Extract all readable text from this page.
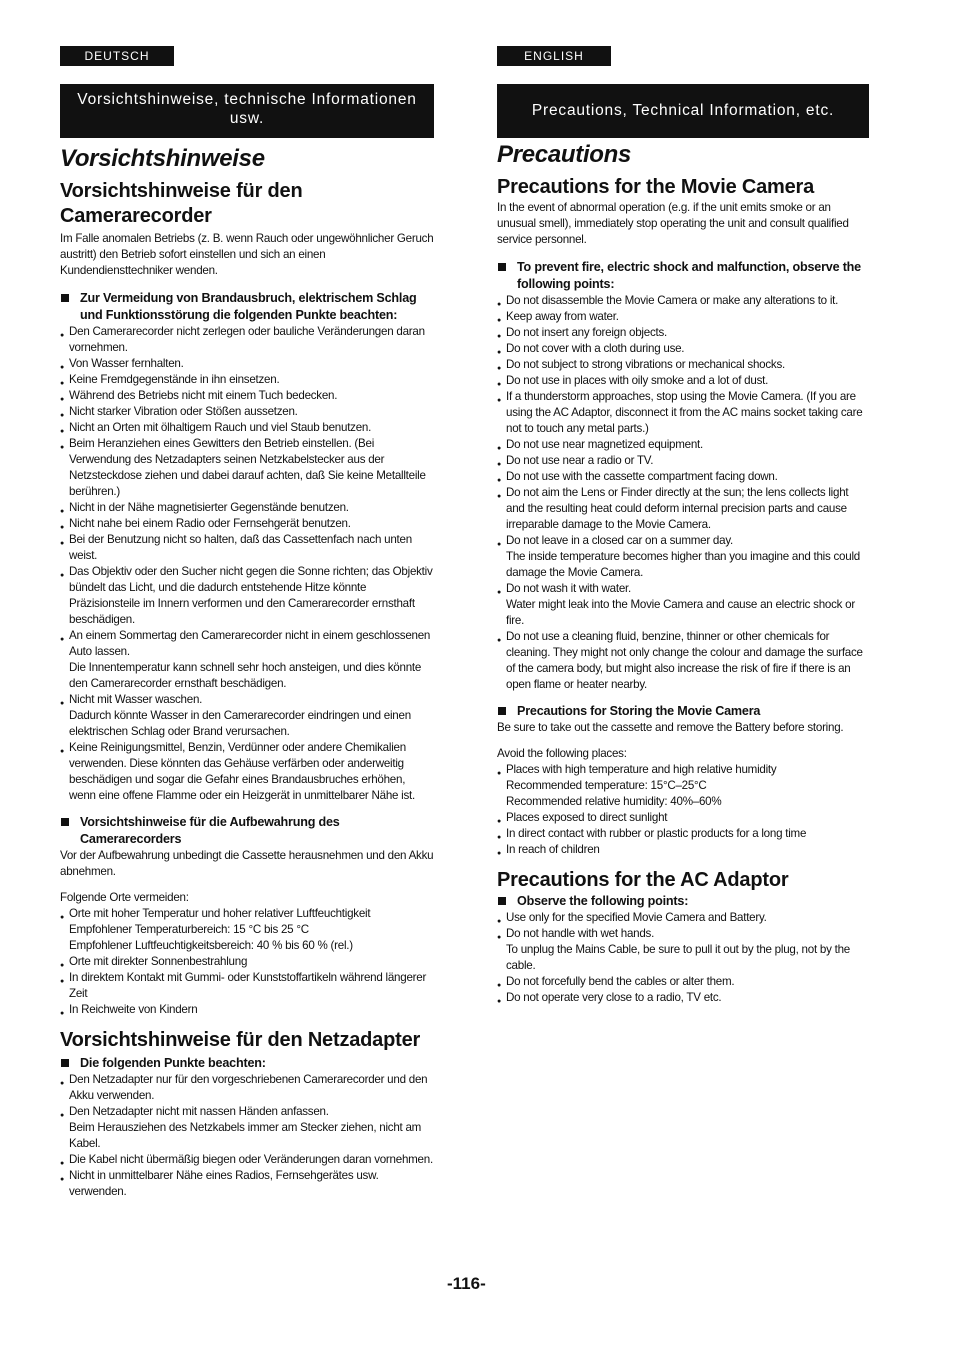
DEUTSCH
Vorsichtshinweise, technische Informationen usw.
Vorsichtshinweise
Vorsichtshinweise für den Camerarecorder

Im Falle anomalen Betriebs (z. B. wenn Rauch oder ungewöhnlicher Geruch austritt) den Betrieb sofort einstellen und sich an einen Kundendiensttechniker wenden.

Zur Vermeidung von Brandausbruch, elektrischem Schlag und Funktionsstörung die folgenden Punkte beachten:
● Den Camerarecorder nicht zerlegen oder bauliche Veränderungen daran vornehmen.
● Von Wasser fernhalten.
● Keine Fremdgegenstände in ihn einsetzen.
● Während des Betriebs nicht mit einem Tuch bedecken.
● Nicht starker Vibration oder Stößen aussetzen.
● Nicht an Orten mit ölhaltigem Rauch und viel Staub benutzen.
● Beim Heranziehen eines Gewitters den Betrieb einstellen. (Bei Verwendung des Netzadapters seinen Netzkabelstecker aus der Netzsteckdose ziehen und dabei darauf achten, daß Sie keine Metallteile berühren.)
● Nicht in der Nähe magnetisierter Gegenstände benutzen.
● Nicht nahe bei einem Radio oder Fernsehgerät benutzen.
● Bei der Benutzung nicht so halten, daß das Cassettenfach nach unten weist.
● Das Objektiv oder den Sucher nicht gegen die Sonne richten; das Objektiv bündelt das Licht, und die dadurch entstehende Hitze könnte Präzisionsteile im Innern verformen und den Camerarecorder ernsthaft beschädigen.
● An einem Sommertag den Camerarecorder nicht in einem geschlossenen Auto lassen.
Die Innentemperatur kann schnell sehr hoch ansteigen, und dies könnte den Camerarecorder ernsthaft beschädigen.
● Nicht mit Wasser waschen.
Dadurch könnte Wasser in den Camerarecorder eindringen und einen elektrischen Schlag oder Brand verursachen.
● Keine Reinigungsmittel, Benzin, Verdünner oder andere Chemikalien verwenden. Diese könnten das Gehäuse verfärben oder anderweitig beschädigen und sogar die Gefahr eines Brandausbruches erhöhen, wenn eine offene Flamme oder ein Heizgerät in unmittelbarer Nähe ist.
Vorsichtshinweise für die Aufbewahrung des Camerarecorders

Vor der Aufbewahrung unbedingt die Cassette herausnehmen und den Akku abnehmen.

Folgende Orte vermeiden:

● Orte mit hoher Temperatur und hoher relativer Luftfeuchtigkeit
Empfohlener Temperaturbereich: 15 °C bis 25 °C
Empfohlener Luftfeuchtigkeitsbereich: 40 % bis 60 % (rel.)
● Orte mit direkter Sonnenbestrahlung
● In direktem Kontakt mit Gummi- oder Kunststoffartikeln während längerer Zeit
● In Reichweite von Kindern
Vorsichtshinweise für den Netzadapter
Die folgenden Punkte beachten:
● Den Netzadapter nur für den vorgeschriebenen Camerarecorder und den Akku verwenden.
● Den Netzadapter nicht mit nassen Händen anfassen.
Beim Herausziehen des Netzkabels immer am Stecker ziehen, nicht am Kabel.
● Die Kabel nicht übermäßig biegen oder Veränderungen daran vornehmen.
● Nicht in unmittelbarer Nähe eines Radios, Fernsehgerätes usw. verwenden.
ENGLISH
Precautions, Technical Information, etc.
Precautions
Precautions for the Movie Camera

In the event of abnormal operation (e.g. if the unit emits smoke or an unusual smell), immediately stop operating the unit and consult qualified service personnel.

To prevent fire, electric shock and malfunction, observe the following points:
● Do not disassemble the Movie Camera or make any alterations to it.
● Keep away from water.
● Do not insert any foreign objects.
● Do not cover with a cloth during use.
● Do not subject to strong vibrations or mechanical shocks.
● Do not use in places with oily smoke and a lot of dust.
● If a thunderstorm approaches, stop using the Movie Camera. (If you are using the AC Adaptor, disconnect it from the AC mains socket taking care not to touch any metal parts.)
● Do not use near magnetized equipment.
● Do not use near a radio or TV.
● Do not use with the cassette compartment facing down.
● Do not aim the Lens or Finder directly at the sun; the lens collects light and the resulting heat could deform internal precision parts and cause irreparable damage to the Movie Camera.
● Do not leave in a closed car on a summer day.
The inside temperature becomes higher than you imagine and this could damage the Movie Camera.
● Do not wash it with water.
Water might leak into the Movie Camera and cause an electric shock or fire.
● Do not use a cleaning fluid, benzine, thinner or other chemicals for cleaning. They might not only change the colour and damage the surface of the camera body, but might also increase the risk of fire if there is an open flame or heater nearby.
Precautions for Storing the Movie Camera

Be sure to take out the cassette and remove the Battery before storing.

Avoid the following places:

● Places with high temperature and high relative humidity
Recommended temperature: 15°C–25°C
Recommended relative humidity: 40%–60%
● Places exposed to direct sunlight
● In direct contact with rubber or plastic products for a long time
● In reach of children
Precautions for the AC Adaptor
Observe the following points:
● Use only for the specified Movie Camera and Battery.
● Do not handle with wet hands.
To unplug the Mains Cable, be sure to pull it out by the plug, not by the cable.
● Do not forcefully bend the cables or alter them.
● Do not operate very close to a radio, TV etc.
-116-
